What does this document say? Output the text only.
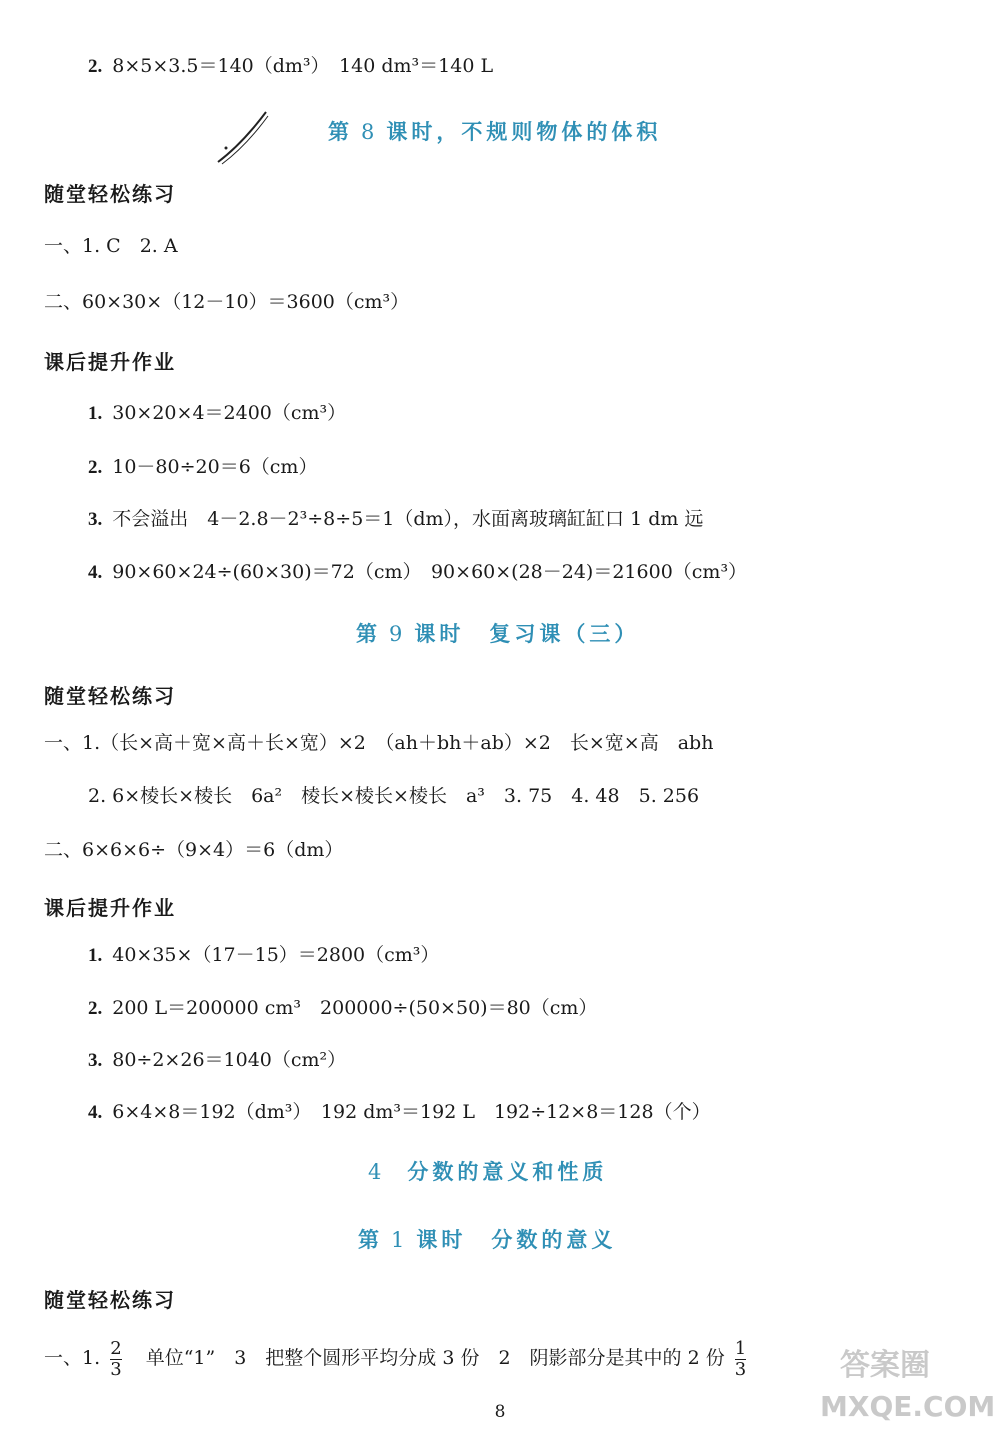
2. 8×5×3.5＝140（dm³）　140 dm³＝140 L
第 8 课时，不规则物体的体积
随堂轻松练习
一、1. C　2. A
二、60×30×（12－10）＝3600（cm³）
课后提升作业
1. 30×20×4＝2400（cm³）
2. 10－80÷20＝6（cm）
3. 不会溢出　4－2.8－2³÷8÷5＝1（dm），水面离玻璃缸缸口 1 dm 远
4. 90×60×24÷(60×30)＝72（cm）　90×60×(28－24)＝21600（cm³）
第 9 课时　复习课（三）
随堂轻松练习
一、1.（长×高＋宽×高＋长×宽）×2　（ah＋bh＋ab）×2　长×宽×高　abh
2. 6×棱长×棱长　6a²　棱长×棱长×棱长　a³　3. 75　4. 48　5. 256
二、6×6×6÷（9×4）＝6（dm）
课后提升作业
1. 40×35×（17－15）＝2800（cm³）
2. 200 L＝200000 cm³　200000÷(50×50)＝80（cm）
3. 80÷2×26＝1040（cm²）
4. 6×4×8＝192（dm³）　192 dm³＝192 L　192÷12×8＝128（个）
4 分数的意义和性质
第 1 课时　分数的意义
随堂轻松练习
一、1. $\frac{2}{3}$ 单位“1”　3　把整个圆形平均分成 3 份　2　阴影部分是其中的 2 份 $\frac{1}{3}$	答案圈
MXQE.COM
8
